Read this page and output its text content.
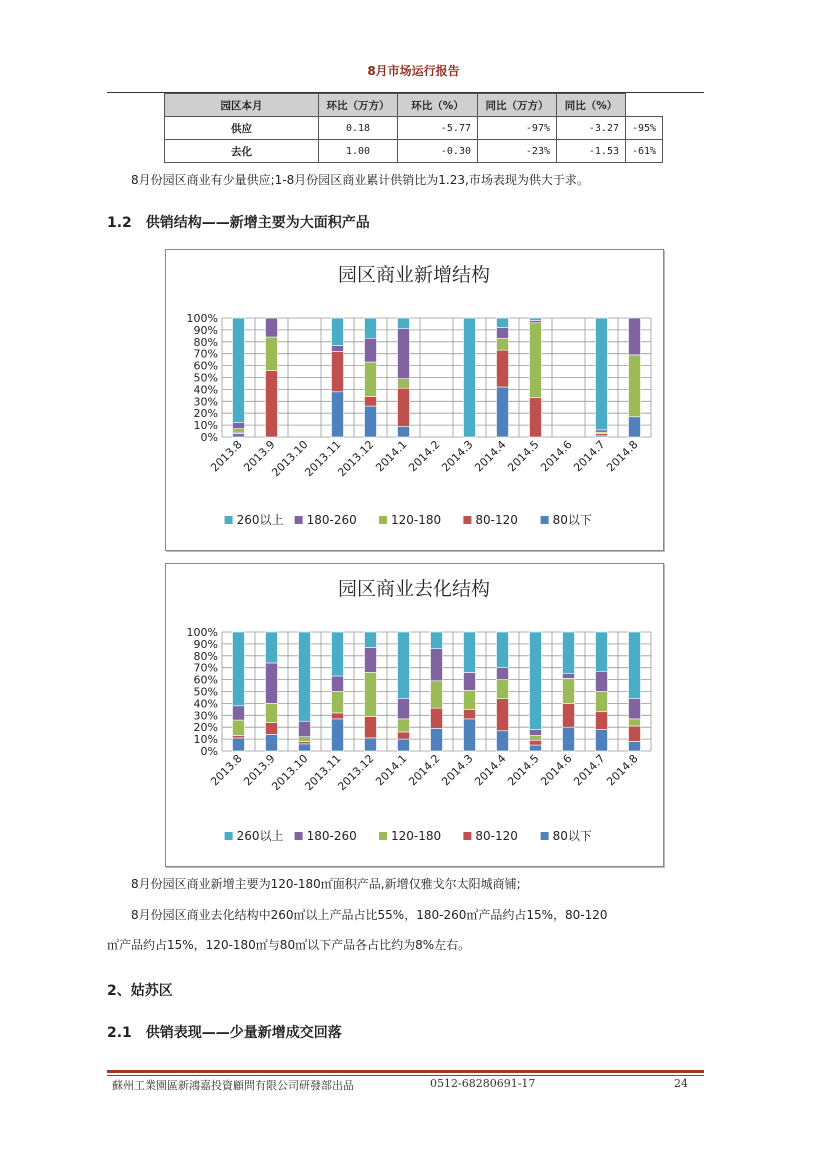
8月市场运行报告
园区本月	环比（万方）	环比（%）	同比（万方）	同比（%）	
供应	0.18	-5.77	-97%	-3.27	-95%
去化	1.00	-0.30	-23%	-1.53	-61%
8月份园区商业有少量供应;1-8月份园区商业累计供销比为1.23,市场表现为供大于求。
1.2　供销结构——新增主要为大面积产品
园区商业新增结构
0%
10%
20%
30%
40%
50%
60%
70%
80%
90%
100%
2013.8
2013.9
2013.10
2013.11
2013.12
2014.1
2014.2
2014.3
2014.4
2014.5
2014.6
2014.7
2014.8
260以上 180-260	120-180	80-120	80以下
园区商业去化结构
0%
10%
20%
30%
40%
50%
60%
70%
80%
90%
100%
2013.8
2013.9
2013.10
2013.11
2013.12
2014.1
2014.2
2014.3
2014.4
2014.5
2014.6
2014.7
2014.8
260以上 180-260	120-180	80-120	80以下
8月份园区商业新增主要为120-180㎡面积产品,新增仅雅戈尔太阳城商铺;
8月份园区商业去化结构中260㎡以上产品占比55%，180-260㎡产品约占15%，80-120
㎡产品约占15%，120-180㎡与80㎡以下产品各占比约为8%左右。
2、姑苏区
2.1　供销表现——少量新增成交回落
蘇州工業園區新鴻嘉投資顧問有限公司研發部出品	0512-68280691-17	24
